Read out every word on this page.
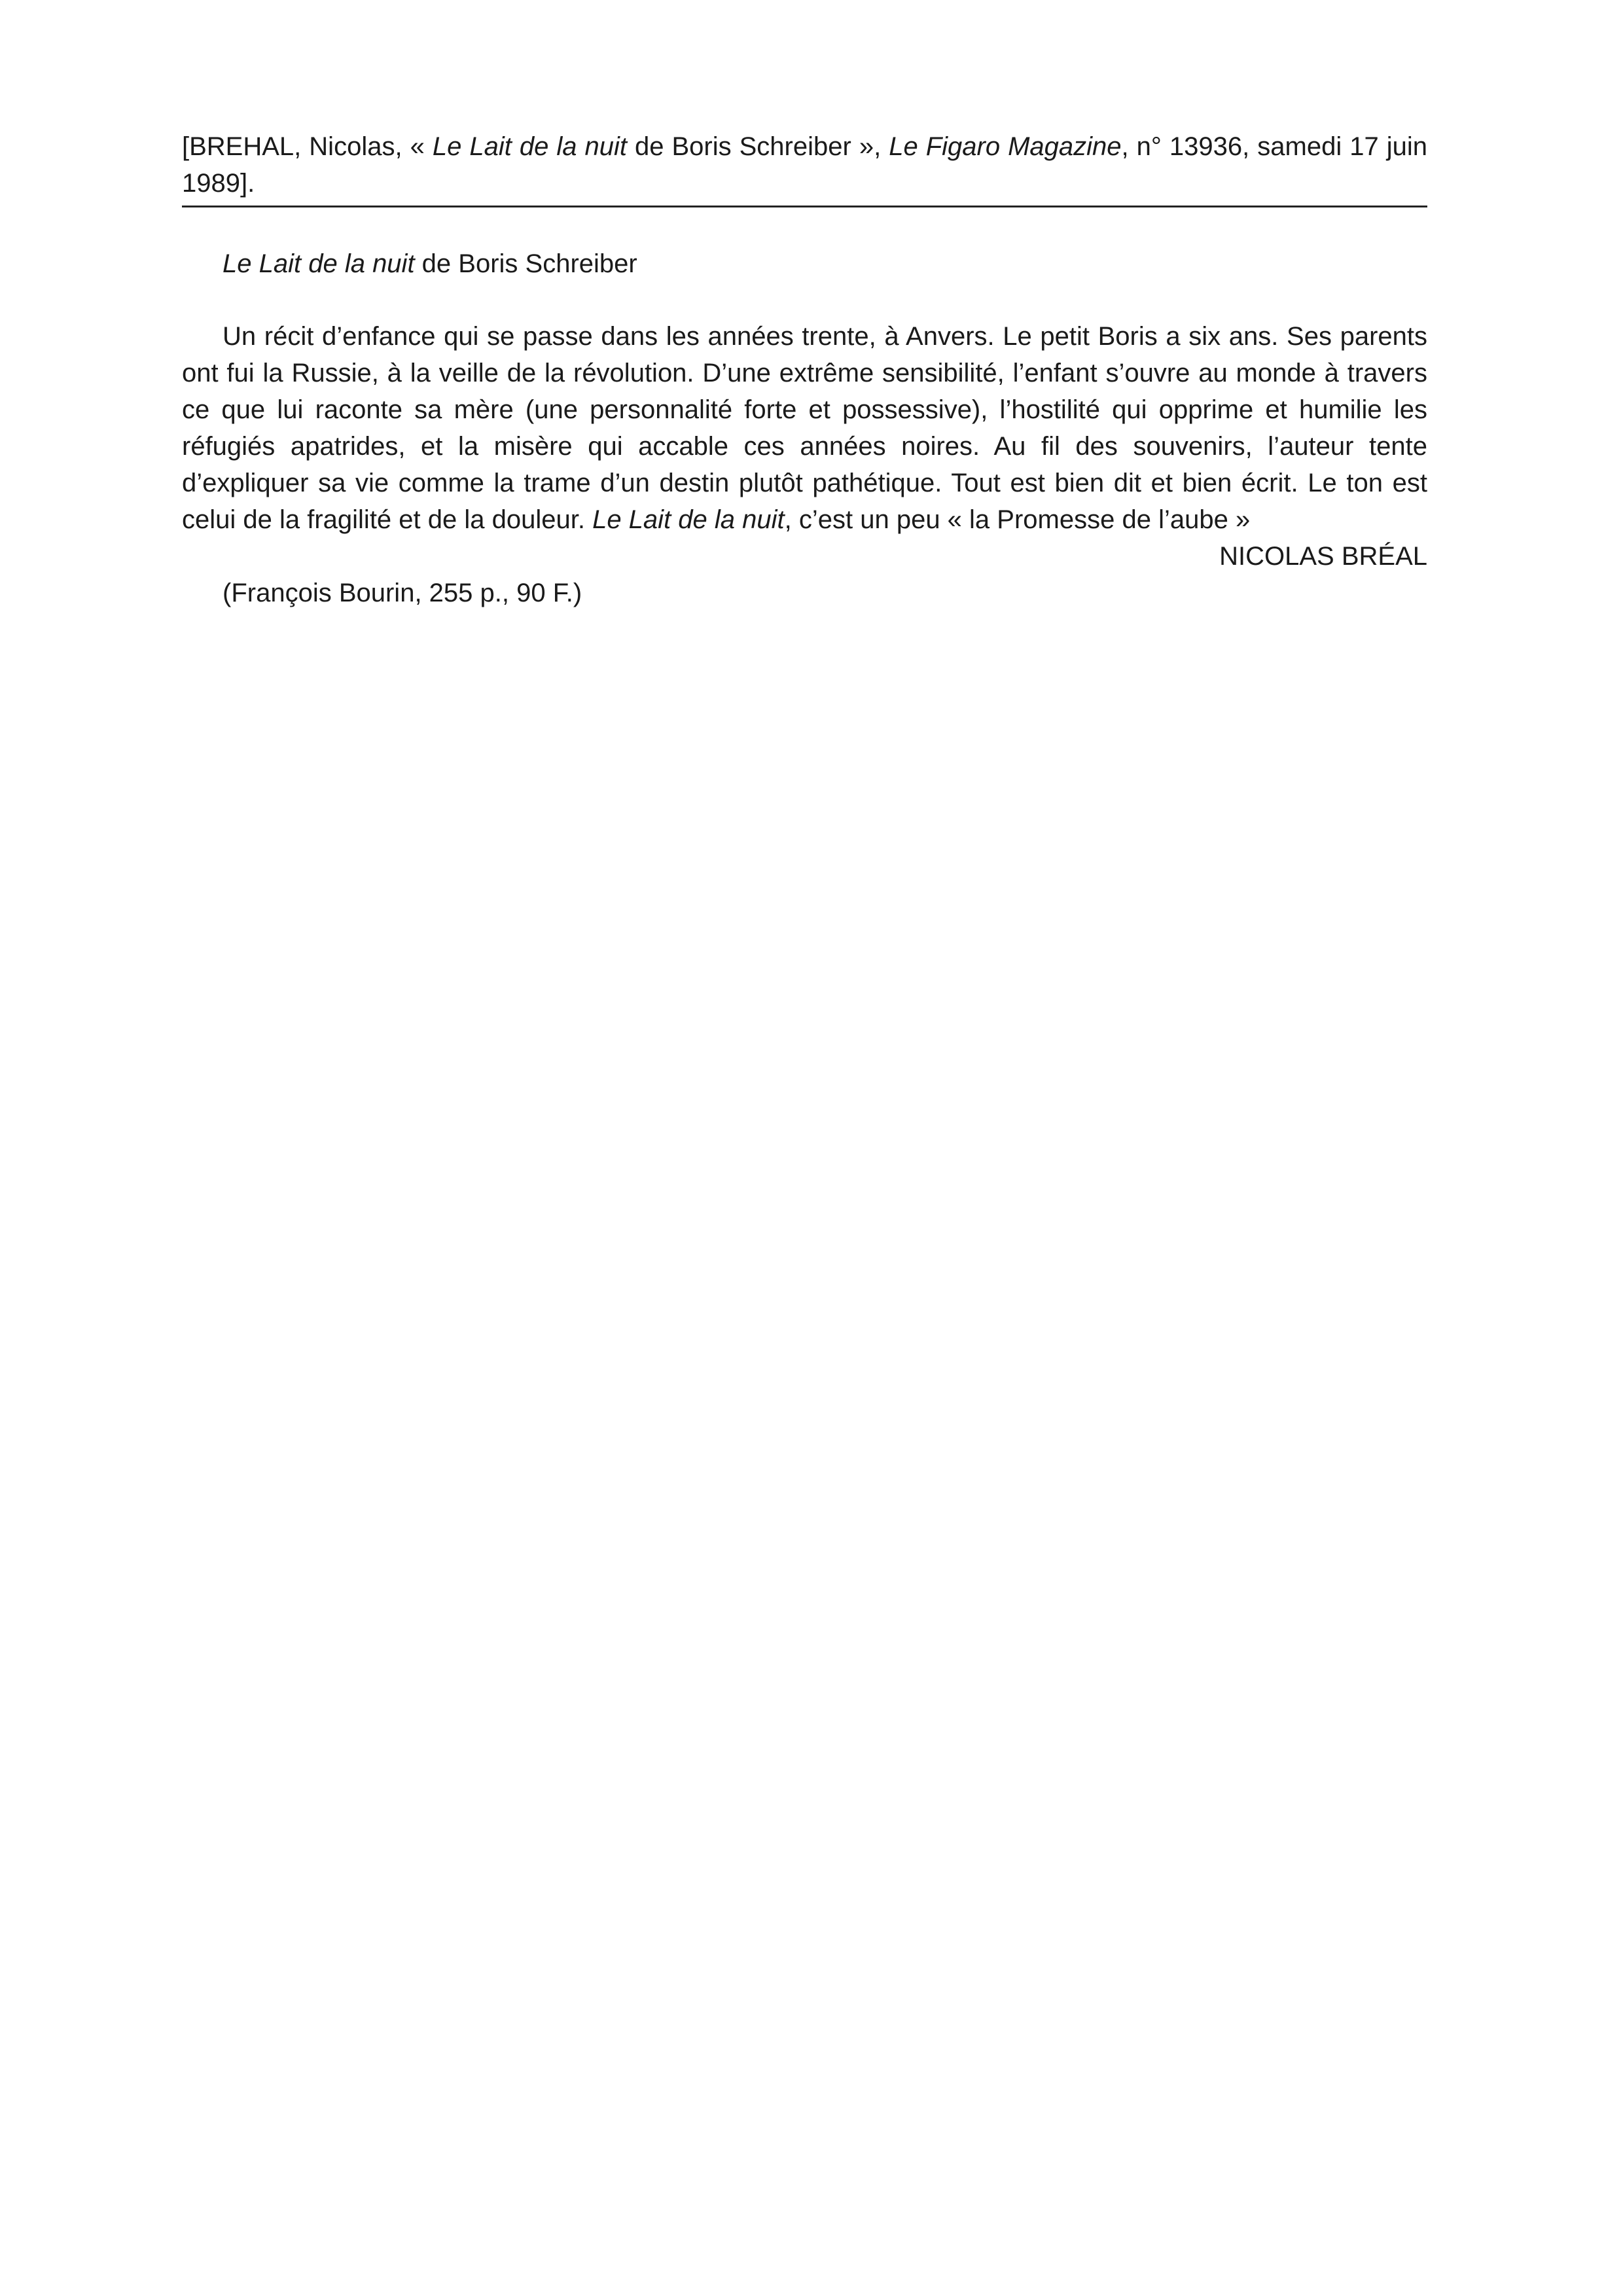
[BREHAL, Nicolas, « Le Lait de la nuit de Boris Schreiber », Le Figaro Magazine, n° 13936, samedi 17 juin 1989].

Le Lait de la nuit de Boris Schreiber

Un récit d’enfance qui se passe dans les années trente, à Anvers. Le petit Boris a six ans. Ses parents ont fui la Russie, à la veille de la révolution. D’une extrême sensibilité, l’enfant s’ouvre au monde à travers ce que lui raconte sa mère (une personnalité forte et possessive), l’hostilité qui opprime et humilie les réfugiés apatrides, et la misère qui accable ces années noires. Au fil des souvenirs, l’auteur tente d’expliquer sa vie comme la trame d’un destin plutôt pathétique. Tout est bien dit et bien écrit. Le ton est celui de la fragilité et de la douleur. Le Lait de la nuit, c’est un peu « la Promesse de l’aube »

NICOLAS BRÉAL

(François Bourin, 255 p., 90 F.)
